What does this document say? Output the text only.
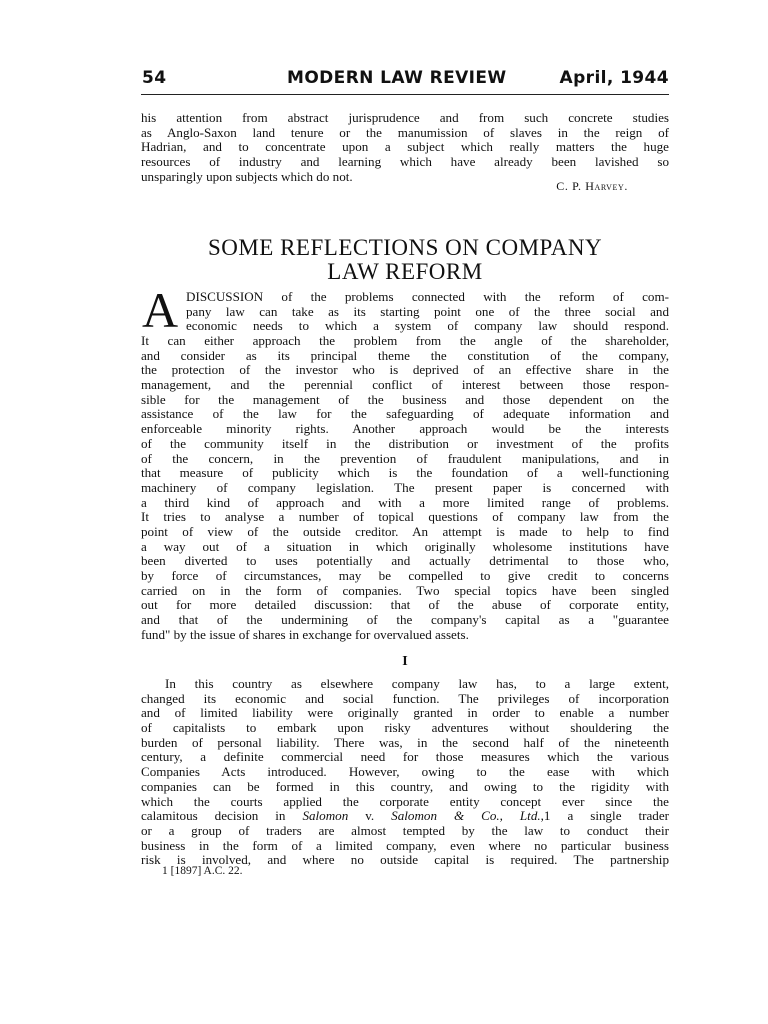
54	MODERN LAW REVIEW	April, 1944
his attention from abstract jurisprudence and from such concrete studies
as Anglo-Saxon land tenure or the manumission of slaves in the reign of
Hadrian, and to concentrate upon a subject which really matters the huge
resources of industry and learning which have already been lavished so
unsparingly upon subjects which do not.
C. P. Harvey.
SOME REFLECTIONS ON COMPANY
LAW REFORM
A DISCUSSION of the problems connected with the reform of com-
pany law can take as its starting point one of the three social and
economic needs to which a system of company law should respond.
It can either approach the problem from the angle of the shareholder,
and consider as its principal theme the constitution of the company,
the protection of the investor who is deprived of an effective share in the
management, and the perennial conflict of interest between those respon-
sible for the management of the business and those dependent on the
assistance of the law for the safeguarding of adequate information and
enforceable minority rights. Another approach would be the interests
of the community itself in the distribution or investment of the profits
of the concern, in the prevention of fraudulent manipulations, and in
that measure of publicity which is the foundation of a well-functioning
machinery of company legislation. The present paper is concerned with
a third kind of approach and with a more limited range of problems.
It tries to analyse a number of topical questions of company law from the
point of view of the outside creditor. An attempt is made to help to find
a way out of a situation in which originally wholesome institutions have
been diverted to uses potentially and actually detrimental to those who,
by force of circumstances, may be compelled to give credit to concerns
carried on in the form of companies. Two special topics have been singled
out for more detailed discussion: that of the abuse of corporate entity,
and that of the undermining of the company's capital as a "guarantee
fund" by the issue of shares in exchange for overvalued assets.
I
In this country as elsewhere company law has, to a large extent,
changed its economic and social function. The privileges of incorporation
and of limited liability were originally granted in order to enable a number
of capitalists to embark upon risky adventures without shouldering the
burden of personal liability. There was, in the second half of the nineteenth
century, a definite commercial need for those measures which the various
Companies Acts introduced. However, owing to the ease with which
companies can be formed in this country, and owing to the rigidity with
which the courts applied the corporate entity concept ever since the
calamitous decision in Salomon v. Salomon & Co., Ltd.,1 a single trader
or a group of traders are almost tempted by the law to conduct their
business in the form of a limited company, even where no particular business
risk is involved, and where no outside capital is required. The partnership
1 [1897] A.C. 22.
